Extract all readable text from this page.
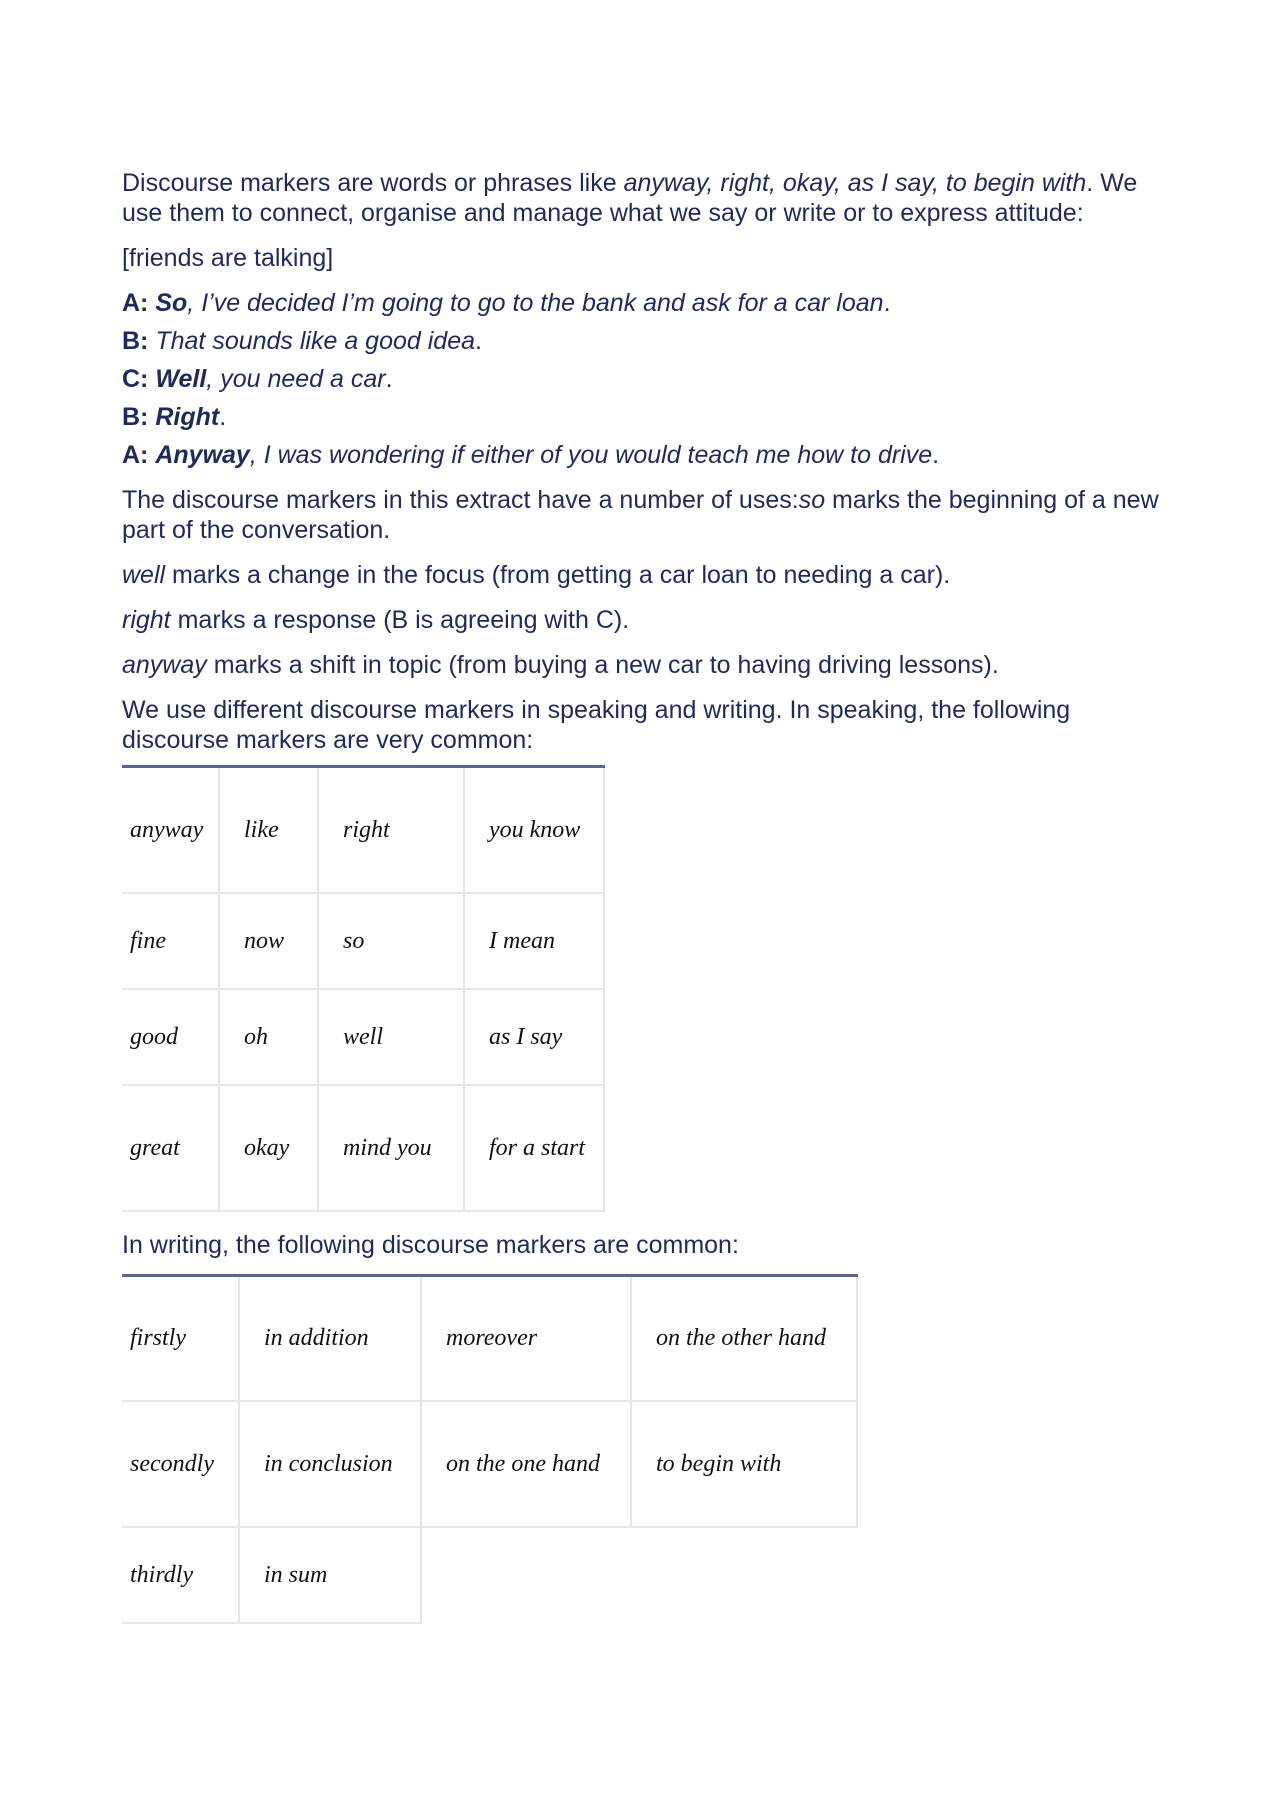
Discourse markers are words or phrases like anyway, right, okay, as I say, to begin with. We use them to connect, organise and manage what we say or write or to express attitude:

[friends are talking]

A: So, I’ve decided I’m going to go to the bank and ask for a car loan.

B: That sounds like a good idea.

C: Well, you need a car.

B: Right.

A: Anyway, I was wondering if either of you would teach me how to drive.

The discourse markers in this extract have a number of uses:so marks the beginning of a new part of the conversation.

well marks a change in the focus (from getting a car loan to needing a car).

right marks a response (B is agreeing with C).

anyway marks a shift in topic (from buying a new car to having driving lessons).

We use different discourse markers in speaking and writing. In speaking, the following discourse markers are very common:

anyway	like	right	you know
fine	now	so	I mean
good	oh	well	as I say
great	okay	mind you	for a start

In writing, the following discourse markers are common:

firstly	in addition	moreover	on the other hand
secondly	in conclusion	on the one hand	to begin with
thirdly	in sum		
